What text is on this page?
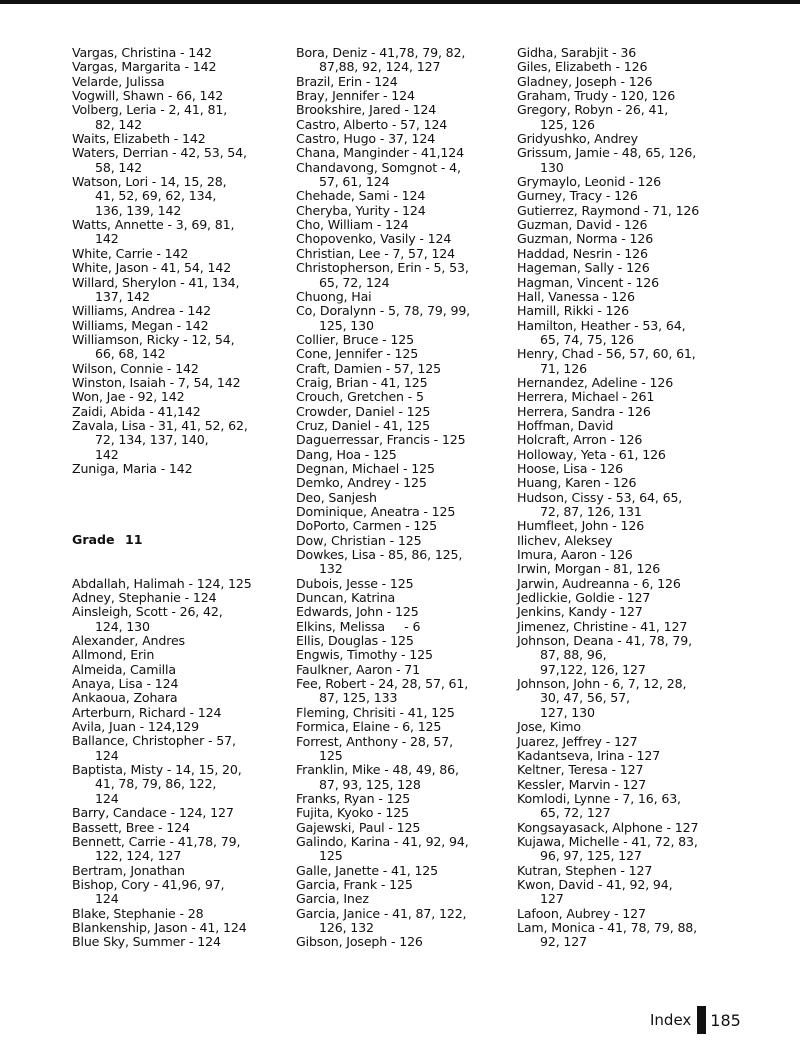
Vargas, Christina - 142

Vargas, Margarita - 142

Velarde, Julissa

Vogwill, Shawn - 66, 142

Volberg, Leria - 2, 41, 81,
82, 142

Waits, Elizabeth - 142

Waters, Derrian - 42, 53, 54,
58, 142

Watson, Lori - 14, 15, 28,
41, 52, 69, 62, 134,
136, 139, 142

Watts, Annette - 3, 69, 81,
142

White, Carrie - 142

White, Jason - 41, 54, 142

Willard, Sherylon - 41, 134,
137, 142

Williams, Andrea - 142

Williams, Megan - 142

Williamson, Ricky - 12, 54,
66, 68, 142

Wilson, Connie - 142

Winston, Isaiah - 7, 54, 142

Won, Jae - 92, 142

Zaidi, Abida - 41,142

Zavala, Lisa - 31, 41, 52, 62,
72, 134, 137, 140,
142

Zuniga, Maria - 142

Grade 11

Abdallah, Halimah - 124, 125

Adney, Stephanie - 124

Ainsleigh, Scott - 26, 42,
124, 130

Alexander, Andres

Allmond, Erin

Almeida, Camilla

Anaya, Lisa - 124

Ankaoua, Zohara

Arterburn, Richard - 124

Avila, Juan - 124,129

Ballance, Christopher - 57,
124

Baptista, Misty - 14, 15, 20,
41, 78, 79, 86, 122,
124

Barry, Candace - 124, 127

Bassett, Bree - 124

Bennett, Carrie - 41,78, 79,
122, 124, 127

Bertram, Jonathan

Bishop, Cory - 41,96, 97,
124

Blake, Stephanie - 28

Blankenship, Jason - 41, 124

Blue Sky, Summer - 124

Bora, Deniz - 41,78, 79, 82,
87,88, 92, 124, 127

Brazil, Erin - 124

Bray, Jennifer - 124

Brookshire, Jared - 124

Castro, Alberto - 57, 124

Castro, Hugo - 37, 124

Chana, Manginder - 41,124

Chandavong, Somgnot - 4,
57, 61, 124

Chehade, Sami - 124

Cheryba, Yurity - 124

Cho, William - 124

Chopovenko, Vasily - 124

Christian, Lee - 7, 57, 124

Christopherson, Erin - 5, 53,
65, 72, 124

Chuong, Hai

Co, Doralynn - 5, 78, 79, 99,
125, 130

Collier, Bruce - 125

Cone, Jennifer - 125

Craft, Damien - 57, 125

Craig, Brian - 41, 125

Crouch, Gretchen - 5

Crowder, Daniel - 125

Cruz, Daniel - 41, 125

Daguerressar, Francis - 125

Dang, Hoa - 125

Degnan, Michael - 125

Demko, Andrey - 125

Deo, Sanjesh

Dominique, Aneatra - 125

DoPorto, Carmen - 125

Dow, Christian - 125

Dowkes, Lisa - 85, 86, 125,
132

Dubois, Jesse - 125

Duncan, Katrina

Edwards, John - 125

Elkins, Melissa     - 6

Ellis, Douglas - 125

Engwis, Timothy - 125

Faulkner, Aaron - 71

Fee, Robert - 24, 28, 57, 61,
87, 125, 133

Fleming, Chrisiti - 41, 125

Formica, Elaine - 6, 125

Forrest, Anthony - 28, 57,
125

Franklin, Mike - 48, 49, 86,
87, 93, 125, 128

Franks, Ryan - 125

Fujita, Kyoko - 125

Gajewski, Paul - 125

Galindo, Karina - 41, 92, 94,
125

Galle, Janette - 41, 125

Garcia, Frank - 125

Garcia, Inez

Garcia, Janice - 41, 87, 122,
126, 132

Gibson, Joseph - 126

Gidha, Sarabjit - 36

Giles, Elizabeth - 126

Gladney, Joseph - 126

Graham, Trudy - 120, 126

Gregory, Robyn - 26, 41,
125, 126

Gridyushko, Andrey

Grissum, Jamie - 48, 65, 126,
130

Grymaylo, Leonid - 126

Gurney, Tracy - 126

Gutierrez, Raymond - 71, 126

Guzman, David - 126

Guzman, Norma - 126

Haddad, Nesrin - 126

Hageman, Sally - 126

Hagman, Vincent - 126

Hall, Vanessa - 126

Hamill, Rikki - 126

Hamilton, Heather - 53, 64,
65, 74, 75, 126

Henry, Chad - 56, 57, 60, 61,
71, 126

Hernandez, Adeline - 126

Herrera, Michael - 261

Herrera, Sandra - 126

Hoffman, David

Holcraft, Arron - 126

Holloway, Yeta - 61, 126

Hoose, Lisa - 126

Huang, Karen - 126

Hudson, Cissy - 53, 64, 65,
72, 87, 126, 131

Humfleet, John - 126

Ilichev, Aleksey

Imura, Aaron - 126

Irwin, Morgan - 81, 126

Jarwin, Audreanna - 6, 126

Jedlickie, Goldie - 127

Jenkins, Kandy - 127

Jimenez, Christine - 41, 127

Johnson, Deana - 41, 78, 79,
87, 88, 96,
97,122, 126, 127

Johnson, John - 6, 7, 12, 28,
30, 47, 56, 57,
127, 130

Jose, Kimo

Juarez, Jeffrey - 127

Kadantseva, Irina - 127

Keltner, Teresa - 127

Kessler, Marvin - 127

Komlodi, Lynne - 7, 16, 63,
65, 72, 127

Kongsayasack, Alphone - 127

Kujawa, Michelle - 41, 72, 83,
96, 97, 125, 127

Kutran, Stephen - 127

Kwon, David - 41, 92, 94,
127

Lafoon, Aubrey - 127

Lam, Monica - 41, 78, 79, 88,
92, 127

Index 185
